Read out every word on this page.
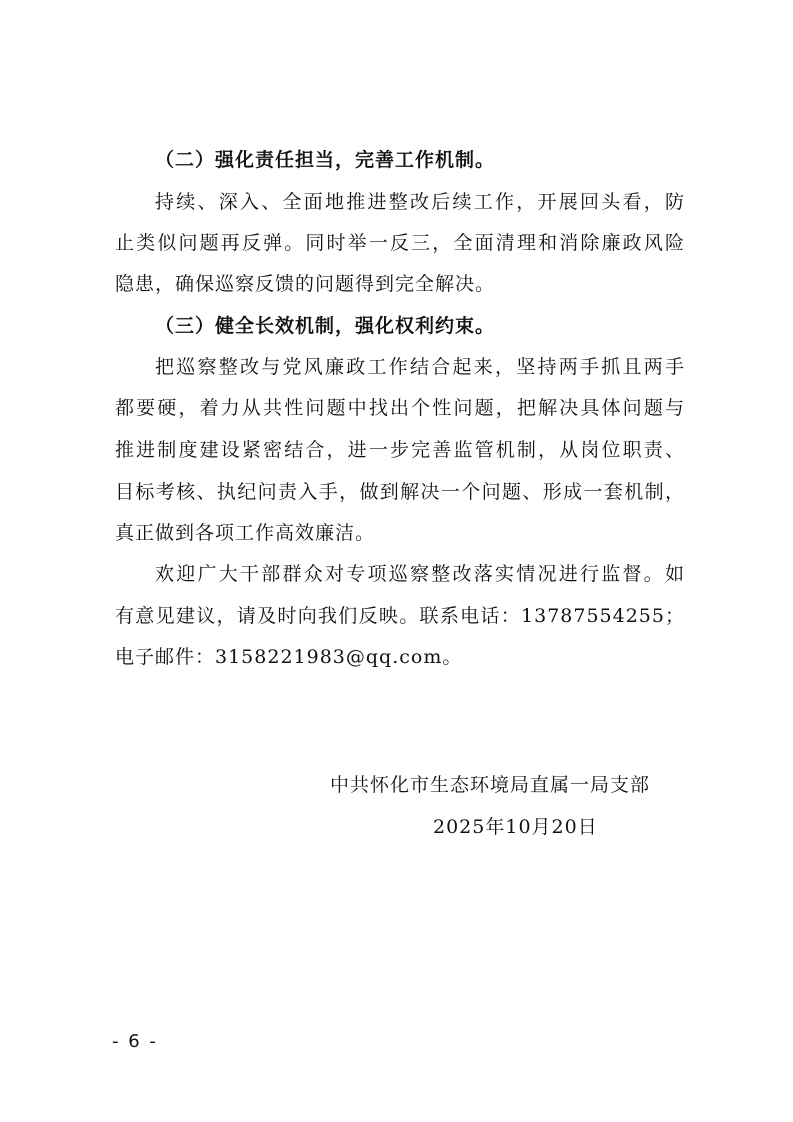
（二）强化责任担当，完善工作机制。
持续、深入、全面地推进整改后续工作，开展回头看，防
止类似问题再反弹。同时举一反三，全面清理和消除廉政风险
隐患，确保巡察反馈的问题得到完全解决。
（三）健全长效机制，强化权利约束。
把巡察整改与党风廉政工作结合起来，坚持两手抓且两手
都要硬，着力从共性问题中找出个性问题，把解决具体问题与
推进制度建设紧密结合，进一步完善监管机制，从岗位职责、
目标考核、执纪问责入手，做到解决一个问题、形成一套机制，
真正做到各项工作高效廉洁。
欢迎广大干部群众对专项巡察整改落实情况进行监督。如
有意见建议，请及时向我们反映。联系电话：13787554255；
电子邮件：3158221983@qq.com。
中共怀化市生态环境局直属一局支部
2025年10月20日
- 6 -
